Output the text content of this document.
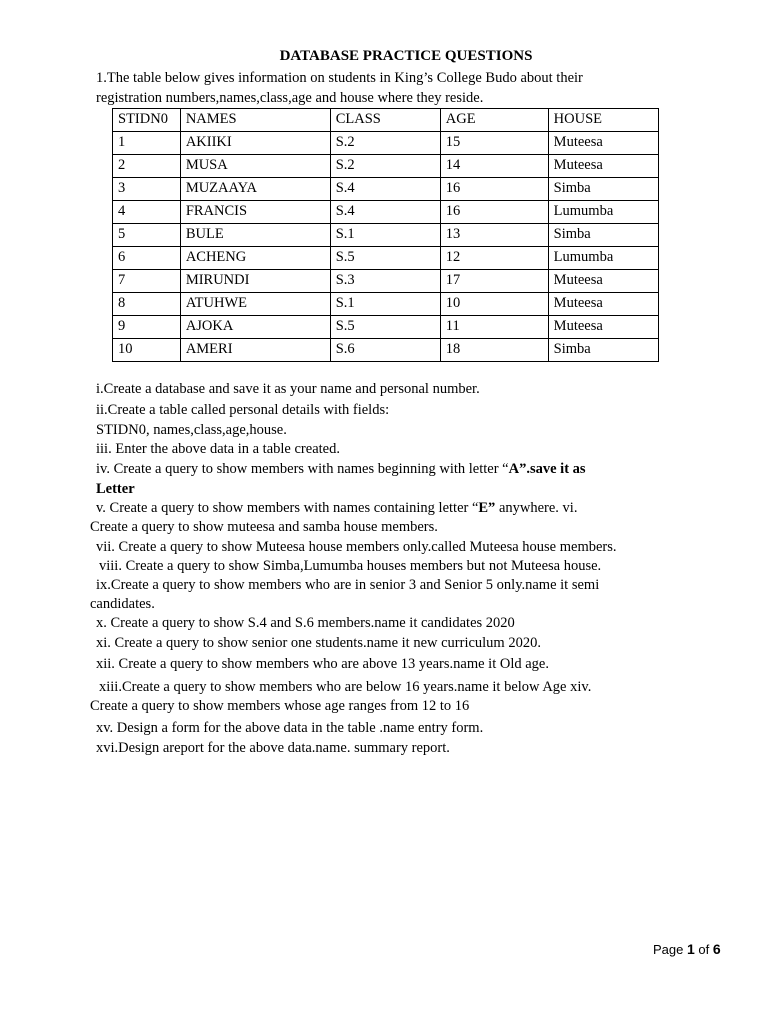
DATABASE PRACTICE QUESTIONS
1.The table below gives information on students in King’s College Budo about their
registration numbers,names,class,age and house where they reside.
STIDN0	NAMES	CLASS	AGE	HOUSE
1	AKIIKI	S.2	15	Muteesa
2	MUSA	S.2	14	Muteesa
3	MUZAAYA	S.4	16	Simba
4	FRANCIS	S.4	16	Lumumba
5	BULE	S.1	13	Simba
6	ACHENG	S.5	12	Lumumba
7	MIRUNDI	S.3	17	Muteesa
8	ATUHWE	S.1	10	Muteesa
9	AJOKA	S.5	11	Muteesa
10	AMERI	S.6	18	Simba
i.Create a database and save it as your name and personal number.
ii.Create a table called personal details with fields:
STIDN0, names,class,age,house.
iii. Enter the above data in a table created.
iv. Create a query to show members with names beginning with letter “A”.save it as
Letter
v. Create a query to show members with names containing letter “E” anywhere. vi.
Create a query to show muteesa and samba house members.
vii. Create a query to show Muteesa house members only.called Muteesa house members.
viii. Create a query to show Simba,Lumumba houses members but not Muteesa house.
ix.Create a query to show members who are in senior 3 and Senior 5 only.name it semi
candidates.
x. Create a query to show S.4 and S.6 members.name it candidates 2020
xi. Create a query to show senior one students.name it new curriculum 2020.
xii. Create a query to show members who are above 13 years.name it Old age.
xiii.Create a query to show members who are below 16 years.name it below Age xiv.
Create a query to show members whose age ranges from 12 to 16
xv. Design a form for the above data in the table .name entry form.
xvi.Design areport for the above data.name. summary report.
Page 1 of 6
